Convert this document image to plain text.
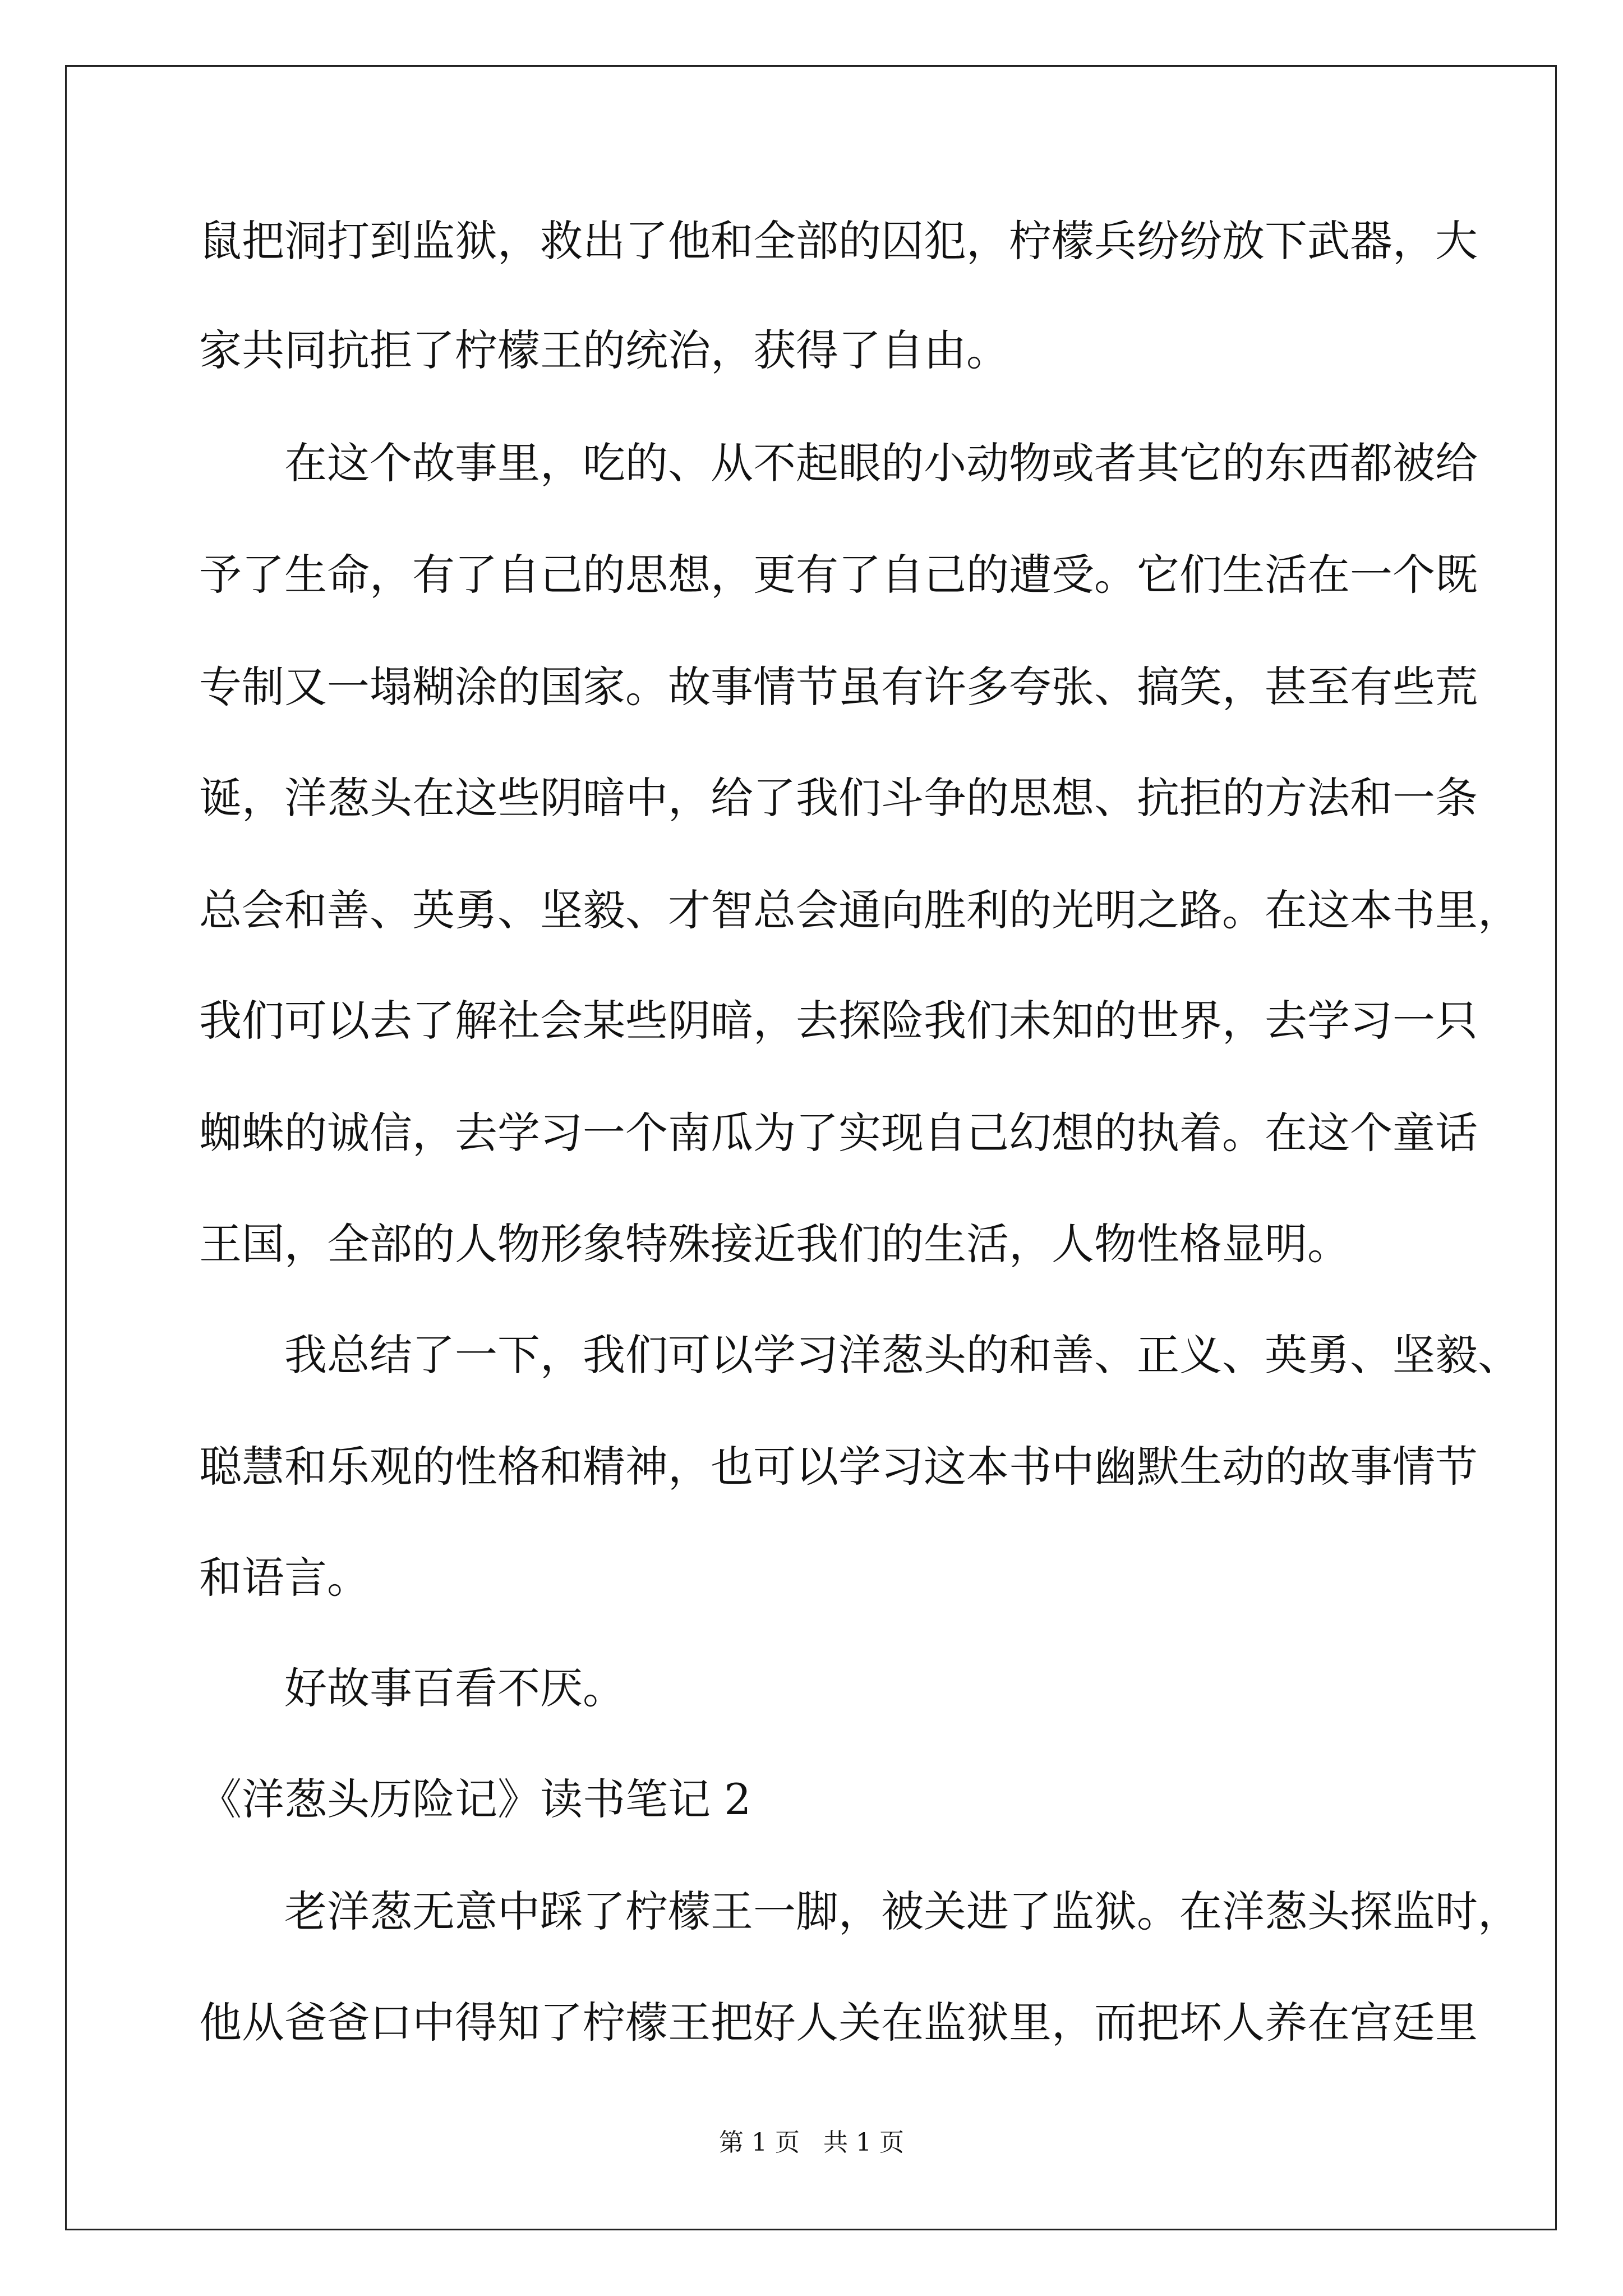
鼠把洞打到监狱，救出了他和全部的囚犯，柠檬兵纷纷放下武器，大
家共同抗拒了柠檬王的统治，获得了自由。
在这个故事里，吃的、从不起眼的小动物或者其它的东西都被给
予了生命，有了自己的思想，更有了自己的遭受。它们生活在一个既
专制又一塌糊涂的国家。故事情节虽有许多夸张、搞笑，甚至有些荒
诞，洋葱头在这些阴暗中，给了我们斗争的思想、抗拒的方法和一条
总会和善、英勇、坚毅、才智总会通向胜利的光明之路。在这本书里，
我们可以去了解社会某些阴暗，去探险我们未知的世界，去学习一只
蜘蛛的诚信，去学习一个南瓜为了实现自己幻想的执着。在这个童话
王国，全部的人物形象特殊接近我们的生活，人物性格显明。
我总结了一下，我们可以学习洋葱头的和善、正义、英勇、坚毅、
聪慧和乐观的性格和精神，也可以学习这本书中幽默生动的故事情节
和语言。
好故事百看不厌。
《洋葱头历险记》读书笔记 2
老洋葱无意中踩了柠檬王一脚，被关进了监狱。在洋葱头探监时，
他从爸爸口中得知了柠檬王把好人关在监狱里，而把坏人养在宫廷里
第 1 页   共 1 页
